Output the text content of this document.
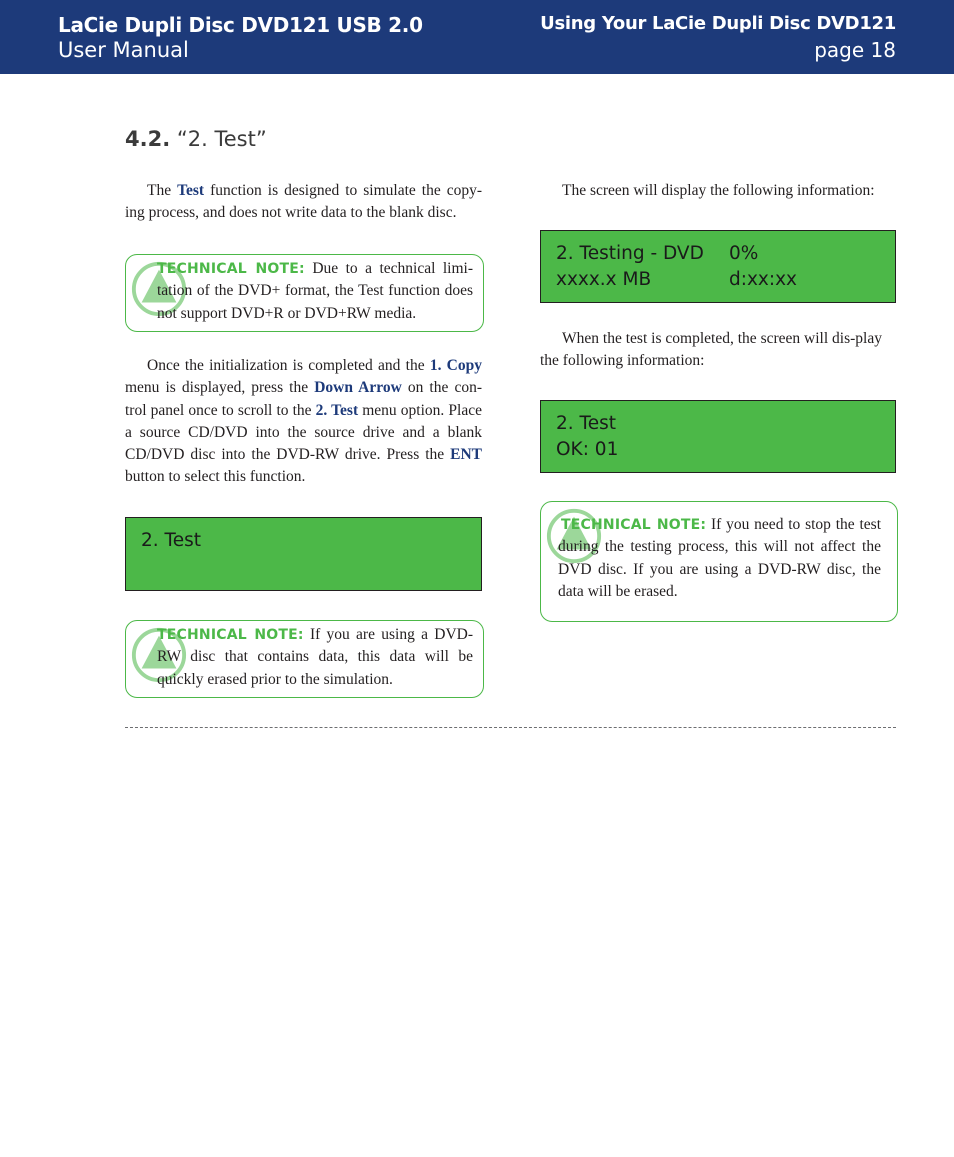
LaCie Dupli Disc DVD121 USB 2.0
User Manual
Using Your LaCie Dupli Disc DVD121
page 18
4.2. “2. Test”
The Test function is designed to simulate the copy-ing process, and does not write data to the blank disc.
TECHNICAL NOTE: Due to a technical limi-tation of the DVD+ format, the Test function does not support DVD+R or DVD+RW media.
Once the initialization is completed and the 1. Copy menu is displayed, press the Down Arrow on the con-trol panel once to scroll to the 2. Test menu option. Place a source CD/DVD into the source drive and a blank CD/DVD disc into the DVD-RW drive. Press the ENT button to select this function.
2. Test
TECHNICAL NOTE: If you are using a DVD-RW disc that contains data, this data will be quickly erased prior to the simulation.
The screen will display the following information:
2. Testing - DVD 0%
xxxx.x MB	d:xx:xx
When the test is completed, the screen will dis-play the following information:
2. Test
OK: 01
TECHNICAL NOTE: If you need to stop the test during the testing process, this will not affect the DVD disc. If you are using a DVD-RW disc, the data will be erased.
